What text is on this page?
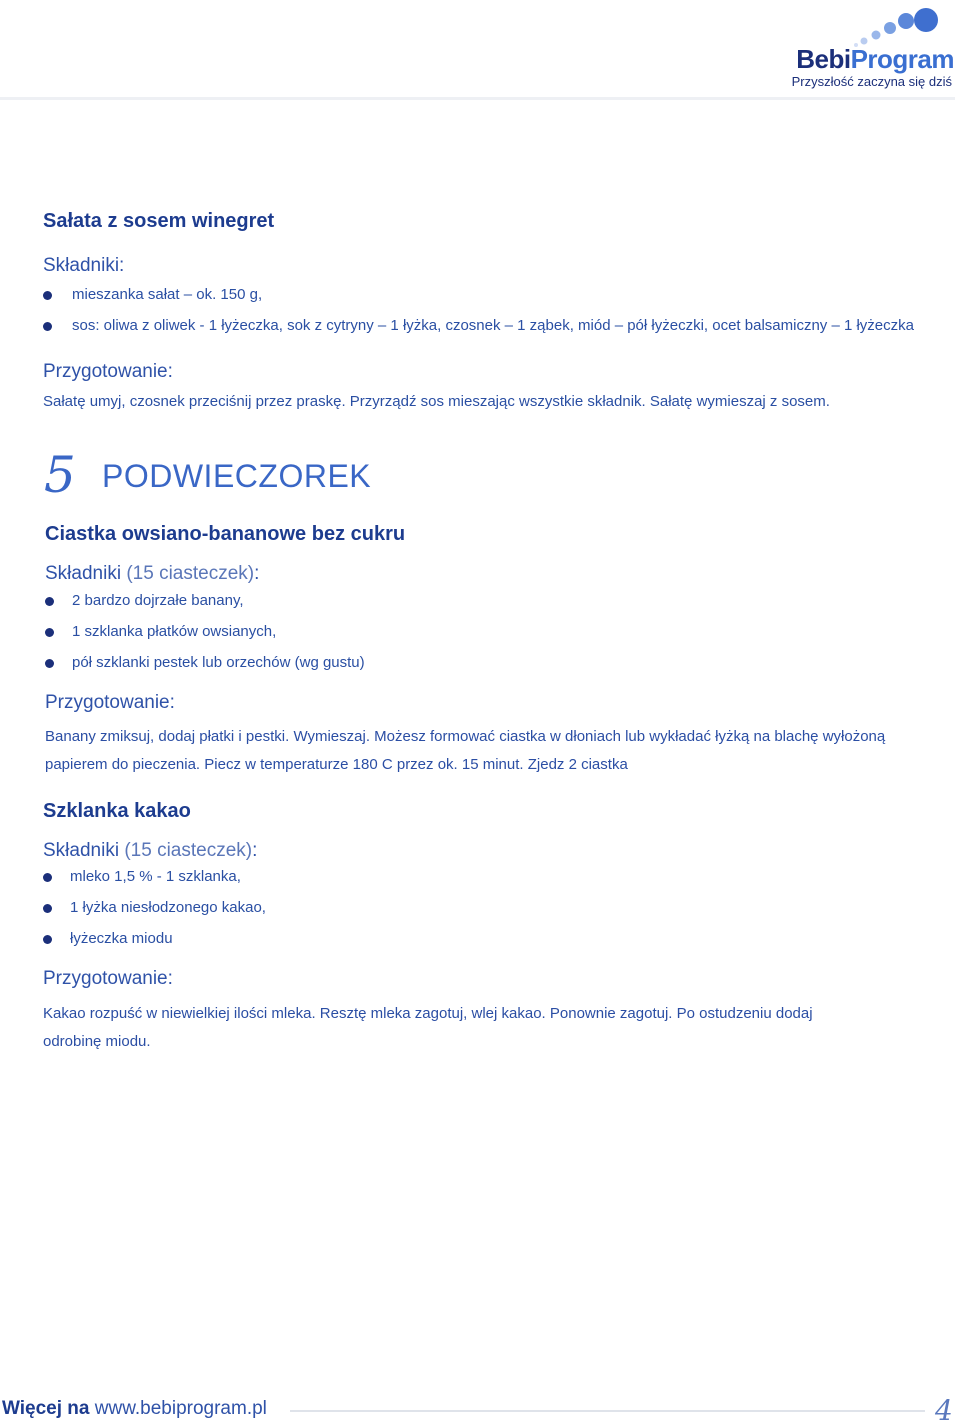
BebiProgram
Przyszłość zaczyna się dziś
Sałata z sosem winegret
Składniki:
mieszanka sałat – ok. 150 g,
sos: oliwa z oliwek - 1 łyżeczka, sok z cytryny – 1 łyżka, czosnek – 1 ząbek, miód – pół łyżeczki, ocet balsamiczny – 1 łyżeczka
Przygotowanie:
Sałatę umyj, czosnek przeciśnij przez praskę. Przyrządź sos mieszając wszystkie składnik. Sałatę wymieszaj z sosem.
5 PODWIECZOREK
Ciastka owsiano-bananowe bez cukru
Składniki (15 ciasteczek):
2 bardzo dojrzałe banany,
1 szklanka płatków owsianych,
pół szklanki pestek lub orzechów (wg gustu)
Przygotowanie:
Banany zmiksuj, dodaj płatki i pestki. Wymieszaj. Możesz formować ciastka w dłoniach lub wykładać łyżką na blachę wyłożoną
papierem do pieczenia. Piecz w temperaturze 180 C przez ok. 15 minut. Zjedz 2 ciastka
Szklanka kakao
Składniki (15 ciasteczek):
mleko 1,5 % - 1 szklanka,
1 łyżka niesłodzonego kakao,
łyżeczka miodu
Przygotowanie:
Kakao rozpuść w niewielkiej ilości mleka. Resztę mleka zagotuj, wlej kakao. Ponownie zagotuj. Po ostudzeniu dodaj
odrobinę miodu.
Więcej na www.bebiprogram.pl	4
